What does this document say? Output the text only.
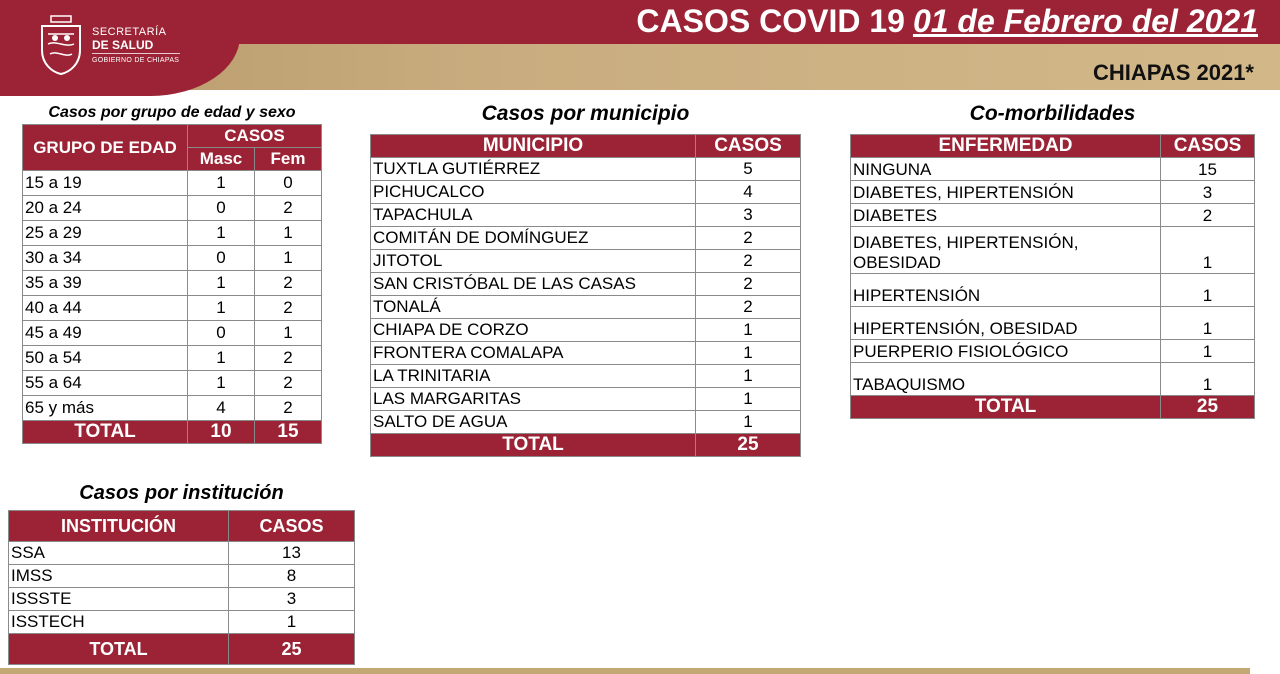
SECRETARÍA
DE SALUD
GOBIERNO DE CHIAPAS
CASOS COVID 19 01 de Febrero del 2021
CHIAPAS 2021*
Casos por grupo de edad y sexo
GRUPO DE EDAD	CASOS	
	Masc	Fem
15 a 19	1	0
20 a 24	0	2
25 a 29	1	1
30 a 34	0	1
35 a 39	1	2
40 a 44	1	2
45 a 49	0	1
50 a 54	1	2
55 a 64	1	2
65 y más	4	2
TOTAL	10	15
Casos por municipio
MUNICIPIO	CASOS
TUXTLA GUTIÉRREZ	5
PICHUCALCO	4
TAPACHULA	3
COMITÁN DE DOMÍNGUEZ	2
JITOTOL	2
SAN CRISTÓBAL DE LAS CASAS	2
TONALÁ	2
CHIAPA DE CORZO	1
FRONTERA COMALAPA	1
LA TRINITARIA	1
LAS MARGARITAS	1
SALTO DE AGUA	1
TOTAL	25
Co-morbilidades
ENFERMEDAD	CASOS

NINGUNA	15

DIABETES, HIPERTENSIÓN	3

DIABETES	2

DIABETES, HIPERTENSIÓN,
OBESIDAD	1

HIPERTENSIÓN	1

HIPERTENSIÓN, OBESIDAD	1

PUERPERIO FISIOLÓGICO	1

TABAQUISMO	1
TOTAL	25
Casos por institución
INSTITUCIÓN	CASOS
SSA	13
IMSS	8
ISSSTE	3
ISSTECH	1
TOTAL	25
